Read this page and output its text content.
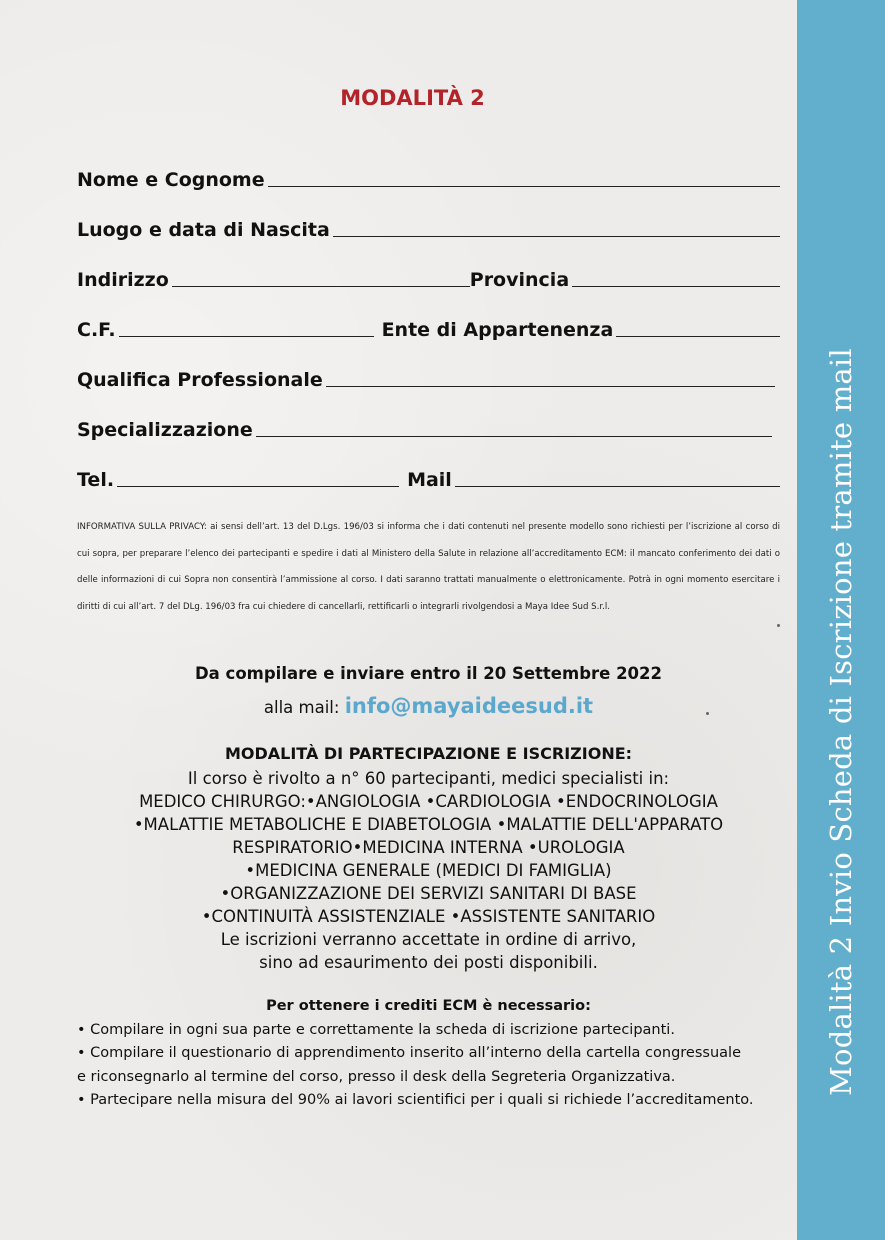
Modalità 2 Invio Scheda di Iscrizione tramite mail
MODALITÀ 2
Nome e Cognome
Luogo e data di Nascita
Indirizzo	Provincia
C.F.	Ente di Appartenenza
Qualifica Professionale
Specializzazione
Tel.	Mail
INFORMATIVA SULLA PRIVACY: ai sensi dell’art. 13 del D.Lgs. 196/03 si informa che i dati contenuti nel presente modello sono richiesti per l’iscrizione al corso di cui sopra, per preparare l’elenco dei partecipanti e spedire i dati al Ministero della Salute in relazione all’accreditamento ECM: il mancato conferimento dei dati o delle informazioni di cui Sopra non consentirà l’ammissione al corso. I dati saranno trattati manualmente o elettronicamente. Potrà in ogni momento esercitare i diritti di cui all’art. 7 del DLg. 196/03 fra cui chiedere di cancellarli, rettificarli o integrarli rivolgendosi a Maya Idee Sud S.r.l.
Da compilare e inviare entro il 20 Settembre 2022
alla mail: info@mayaideesud.it
MODALITÀ DI PARTECIPAZIONE E ISCRIZIONE:
Il corso è rivolto a n° 60 partecipanti, medici specialisti in:
MEDICO CHIRURGO:•ANGIOLOGIA •CARDIOLOGIA •ENDOCRINOLOGIA
•MALATTIE METABOLICHE E DIABETOLOGIA •MALATTIE DELL'APPARATO
RESPIRATORIO•MEDICINA INTERNA •UROLOGIA
•MEDICINA GENERALE (MEDICI DI FAMIGLIA)
•ORGANIZZAZIONE DEI SERVIZI SANITARI DI BASE
•CONTINUITÀ ASSISTENZIALE •ASSISTENTE SANITARIO
Le iscrizioni verranno accettate in ordine di arrivo,
sino ad esaurimento dei posti disponibili.
Per ottenere i crediti ECM è necessario:
• Compilare in ogni sua parte e correttamente la scheda di iscrizione partecipanti.
• Compilare il questionario di apprendimento inserito all’interno della cartella congressuale
e riconsegnarlo al termine del corso, presso il desk della Segreteria Organizzativa.
• Partecipare nella misura del 90% ai lavori scientifici per i quali si richiede l’accreditamento.
